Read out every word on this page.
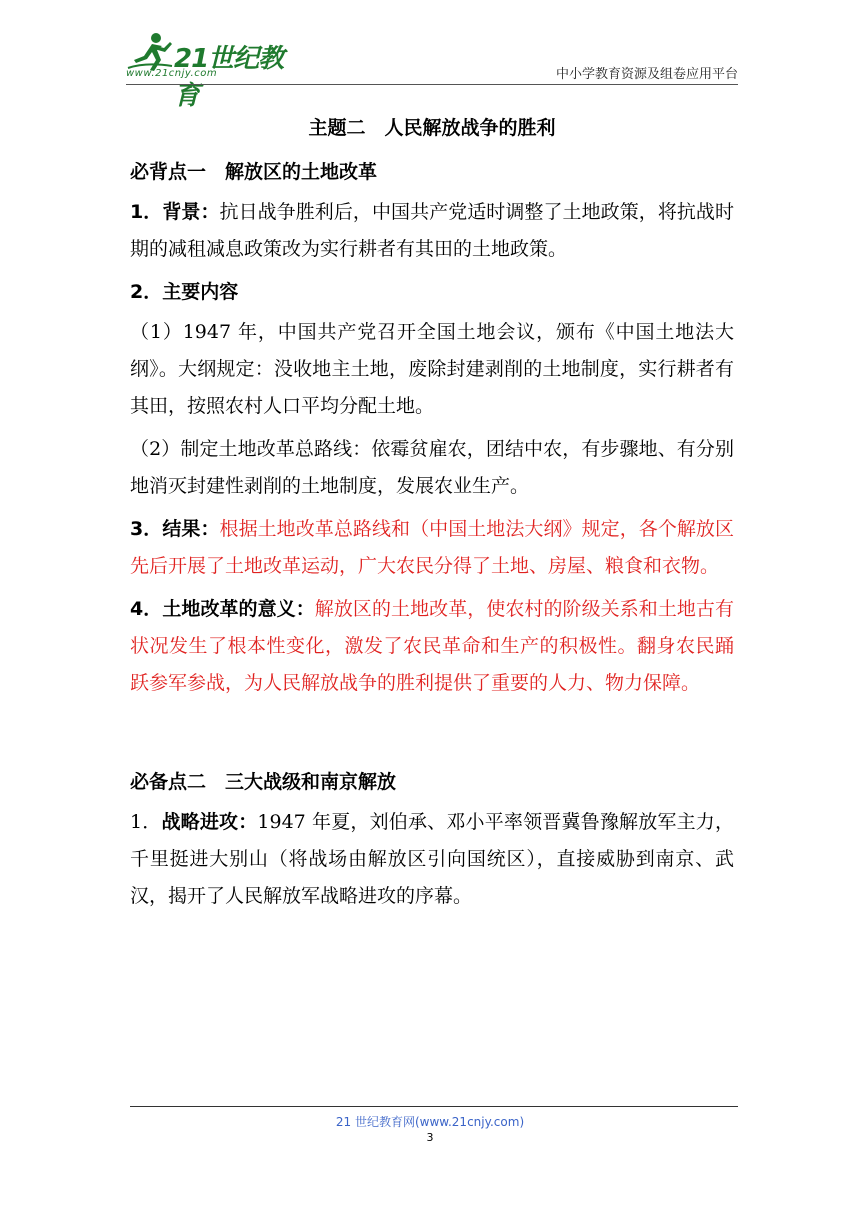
21世纪教育
www.21cnjy.com	中小学教育资源及组卷应用平台
主题二　人民解放战争的胜利
必背点一　解放区的土地改革

1．背景：抗日战争胜利后，中国共产党适时调整了土地政策，将抗战时期的减租减息政策改为实行耕者有其田的土地政策。

2．主要内容

（1）1947 年，中国共产党召开全国土地会议，颁布《中国土地法大纲》。大纲规定：没收地主土地，废除封建剥削的土地制度，实行耕者有其田，按照农村人口平均分配土地。

（2）制定土地改革总路线：依霉贫雇农，团结中农，有步骤地、有分别地消灭封建性剥削的土地制度，发展农业生产。

3．结果：根据土地改革总路线和（中国土地法大纲》规定，各个解放区先后开展了土地改革运动，广大农民分得了土地、房屋、粮食和衣物。

4．土地改革的意义：解放区的土地改革，使农村的阶级关系和土地古有状况发生了根本性变化，激发了农民革命和生产的积极性。翻身农民踊跃参军参战，为人民解放战争的胜利提供了重要的人力、物力保障。

必备点二　三大战级和南京解放

1．战略进攻：1947 年夏，刘伯承、邓小平率领晋冀鲁豫解放军主力，千里挺进大别山（将战场由解放区引向国统区），直接威胁到南京、武汉，揭开了人民解放军战略进攻的序幕。

21 世纪教育网(www.21cnjy.com)
3
